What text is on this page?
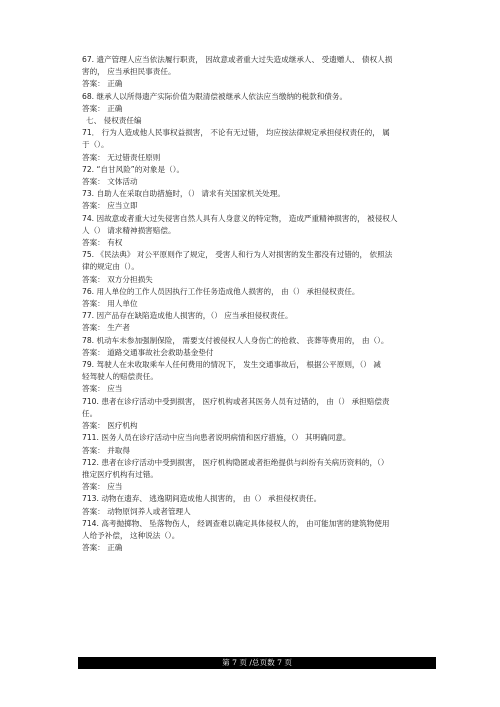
67. 遗产管理人应当依法履行职责， 因故意或者重大过失造成继承人、 受遗赠人、 债权人损
害的， 应当承担民事责任。
答案： 正确
68. 继承人以所得遗产实际价值为限清偿被继承人依法应当缴纳的税款和债务。
答案： 正确
七、 侵权责任编
71． 行为人造成他人民事权益损害， 不论有无过错， 均应按法律规定承担侵权责任的， 属
于（）。
答案： 无过错责任原则
72. “自甘风险”的对象是（）。
答案： 文体活动
73. 自助人在采取自助措施时，（） 请求有关国家机关处理。
答案： 应当立即
74. 因故意或者重大过失侵害自然人具有人身意义的特定物， 造成严重精神损害的， 被侵权人
人（） 请求精神损害赔偿。
答案： 有权
75. 《民法典》 对公平原则作了规定， 受害人和行为人对损害的发生都没有过错的， 依照法
律的规定由（）。
答案： 双方分担损失
76. 用人单位的工作人员因执行工作任务造成他人损害的， 由（） 承担侵权责任。
答案： 用人单位
77. 因产品存在缺陷造成他人损害的，（） 应当承担侵权责任。
答案： 生产者
78. 机动车未参加强制保险， 需要支付被侵权人人身伤亡的抢救、 丧葬等费用的， 由（）。
答案： 道路交通事故社会救助基金垫付
79. 驾驶人在未收取乘车人任何费用的情况下， 发生交通事故后， 根据公平原则，（） 减
轻驾驶人的赔偿责任。
答案： 应当
710. 患者在诊疗活动中受到损害， 医疗机构或者其医务人员有过错的， 由（） 承担赔偿责
任。
答案： 医疗机构
711. 医务人员在诊疗活动中应当向患者说明病情和医疗措施，（） 其明确同意。
答案： 并取得
712. 患者在诊疗活动中受到损害， 医疗机构隐匿或者拒绝提供与纠纷有关病历资料的，（）
推定医疗机构有过错。
答案： 应当
713. 动物在遗弃、 逃逸期间造成他人损害的， 由（） 承担侵权责任。
答案： 动物原饲养人或者管理人
714. 高考抛掷物、 坠落物伤人， 经调查难以确定具体侵权人的， 由可能加害的建筑物使用
人给予补偿， 这种说法（）。
答案： 正确
第 7 页 /总页数 7 页
